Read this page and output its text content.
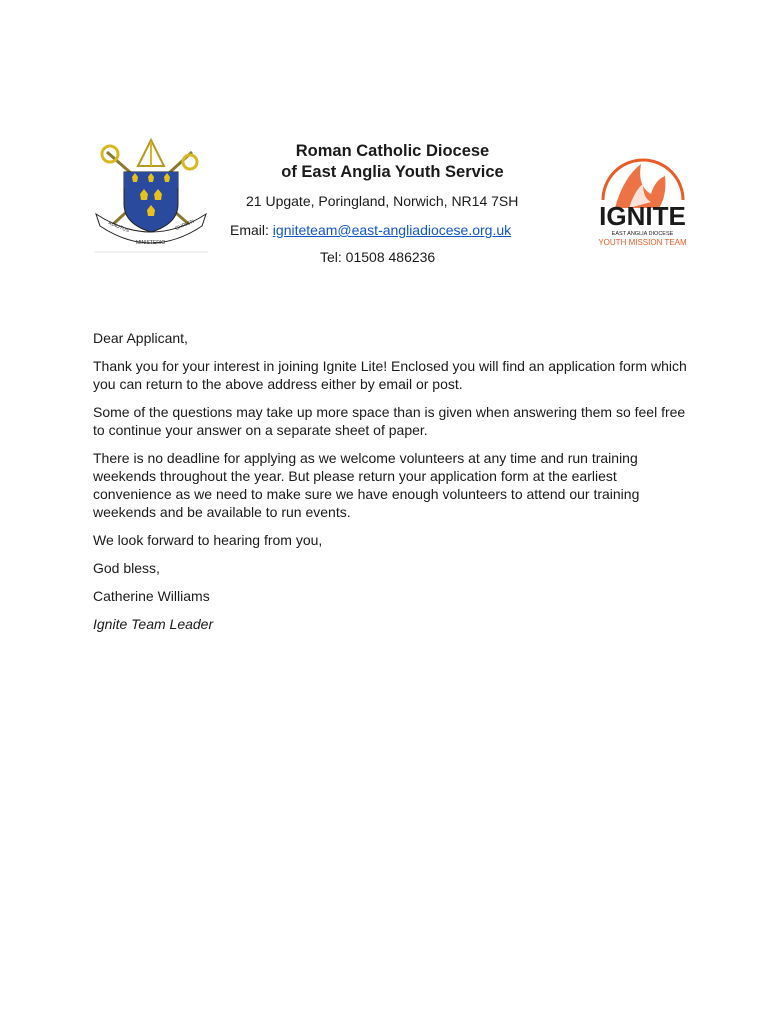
ADIUTUS	CHRISTI
MINISTERIO
IGNITE
EAST ANGLIA DIOCESE
YOUTH MISSION TEAM

Roman Catholic Diocese

of East Anglia Youth Service

21 Upgate, Poringland, Norwich, NR14 7SH
Email: igniteteam@east-angliadiocese.org.uk
Tel: 01508 486236

Dear Applicant,

Thank you for your interest in joining Ignite Lite! Enclosed you will find an application form which you can return to the above address either by email or post.

Some of the questions may take up more space than is given when answering them so feel free to continue your answer on a separate sheet of paper.

There is no deadline for applying as we welcome volunteers at any time and run training weekends throughout the year. But please return your application form at the earliest convenience as we need to make sure we have enough volunteers to attend our training weekends and be available to run events.

We look forward to hearing from you,

God bless,

Catherine Williams

Ignite Team Leader
